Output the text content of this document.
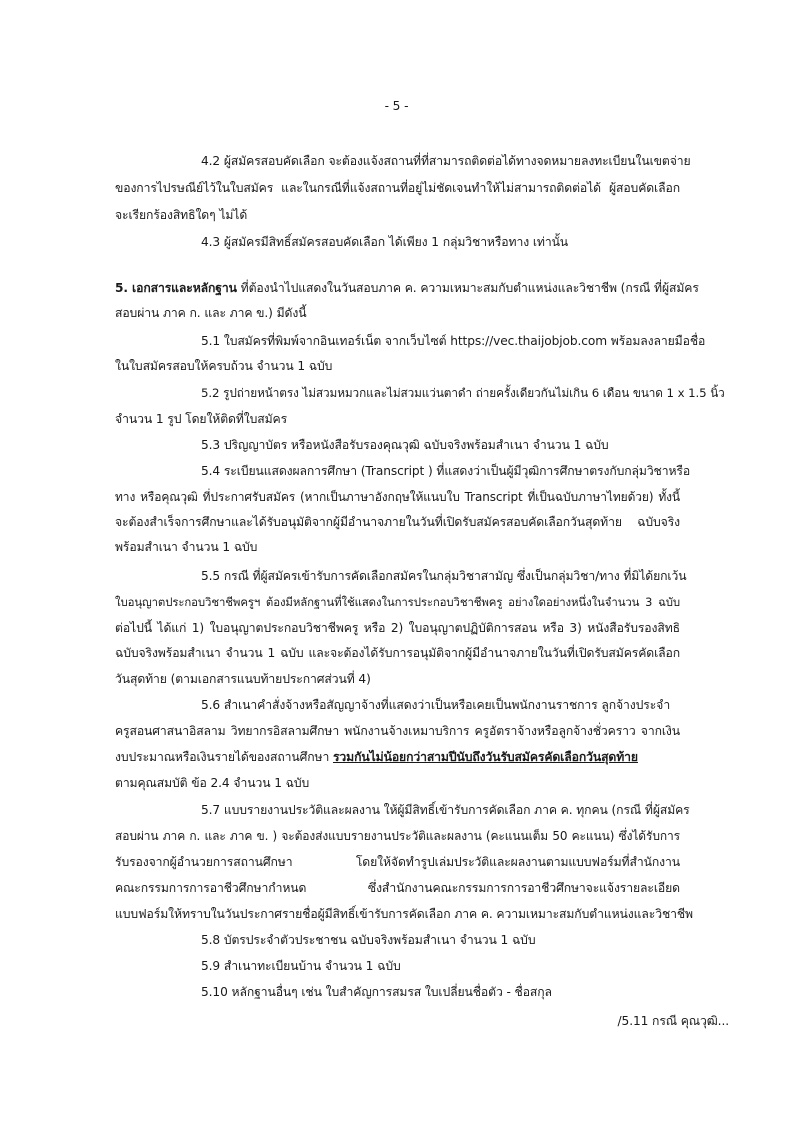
- 5 -
4.2 ผู้สมัครสอบคัดเลือก จะต้องแจ้งสถานที่ที่สามารถติดต่อได้ทางจดหมายลงทะเบียนในเขตจ่าย
ของการไปรษณีย์ไว้ในใบสมัคร และในกรณีที่แจ้งสถานที่อยู่ไม่ชัดเจนทำให้ไม่สามารถติดต่อได้ ผู้สอบคัดเลือก
จะเรียกร้องสิทธิใดๆ ไม่ได้
4.3 ผู้สมัครมีสิทธิ์สมัครสอบคัดเลือก ได้เพียง 1 กลุ่มวิชาหรือทาง เท่านั้น
5. เอกสารและหลักฐาน ที่ต้องนำไปแสดงในวันสอบภาค ค. ความเหมาะสมกับตำแหน่งและวิชาชีพ (กรณี ที่ผู้สมัคร
สอบผ่าน ภาค ก. และ ภาค ข.) มีดังนี้
5.1 ใบสมัครที่พิมพ์จากอินเทอร์เน็ต จากเว็บไซต์ https://vec.thaijobjob.com พร้อมลงลายมือชื่อ
ในใบสมัครสอบให้ครบถ้วน จำนวน 1 ฉบับ
5.2 รูปถ่ายหน้าตรง ไม่สวมหมวกและไม่สวมแว่นตาดำ ถ่ายครั้งเดียวกันไม่เกิน 6 เดือน ขนาด 1 x 1.5 นิ้ว
จำนวน 1 รูป โดยให้ติดที่ใบสมัคร
5.3 ปริญญาบัตร หรือหนังสือรับรองคุณวุฒิ ฉบับจริงพร้อมสำเนา จำนวน 1 ฉบับ
5.4 ระเบียนแสดงผลการศึกษา (Transcript ) ที่แสดงว่าเป็นผู้มีวุฒิการศึกษาตรงกับกลุ่มวิชาหรือ
ทาง หรือคุณวุฒิ ที่ประกาศรับสมัคร (หากเป็นภาษาอังกฤษให้แนบใบ Transcript ที่เป็นฉบับภาษาไทยด้วย) ทั้งนี้
จะต้องสำเร็จการศึกษาและได้รับอนุมัติจากผู้มีอำนาจภายในวันที่เปิดรับสมัครสอบคัดเลือกวันสุดท้าย ฉบับจริง
พร้อมสำเนา จำนวน 1 ฉบับ
5.5 กรณี ที่ผู้สมัครเข้ารับการคัดเลือกสมัครในกลุ่มวิชาสามัญ ซึ่งเป็นกลุ่มวิชา/ทาง ที่มิได้ยกเว้น
ใบอนุญาตประกอบวิชาชีพครูฯ ต้องมีหลักฐานที่ใช้แสดงในการประกอบวิชาชีพครู อย่างใดอย่างหนึ่งในจำนวน 3 ฉบับ
ต่อไปนี้ ได้แก่ 1) ใบอนุญาตประกอบวิชาชีพครู หรือ 2) ใบอนุญาตปฏิบัติการสอน หรือ 3) หนังสือรับรองสิทธิ
ฉบับจริงพร้อมสำเนา จำนวน 1 ฉบับ และจะต้องได้รับการอนุมัติจากผู้มีอำนาจภายในวันที่เปิดรับสมัครคัดเลือก
วันสุดท้าย (ตามเอกสารแนบท้ายประกาศส่วนที่ 4)
5.6 สำเนาคำสั่งจ้างหรือสัญญาจ้างที่แสดงว่าเป็นหรือเคยเป็นพนักงานราชการ ลูกจ้างประจำ
ครูสอนศาสนาอิสลาม วิทยากรอิสลามศึกษา พนักงานจ้างเหมาบริการ ครูอัตราจ้างหรือลูกจ้างชั่วคราว จากเงิน
งบประมาณหรือเงินรายได้ของสถานศึกษา รวมกันไม่น้อยกว่าสามปีนับถึงวันรับสมัครคัดเลือกวันสุดท้าย
ตามคุณสมบัติ ข้อ 2.4 จำนวน 1 ฉบับ
5.7 แบบรายงานประวัติและผลงาน ให้ผู้มีสิทธิ์เข้ารับการคัดเลือก ภาค ค. ทุกคน (กรณี ที่ผู้สมัคร
สอบผ่าน ภาค ก. และ ภาค ข. ) จะต้องส่งแบบรายงานประวัติและผลงาน (คะแนนเต็ม 50 คะแนน) ซึ่งได้รับการ
รับรองจากผู้อำนวยการสถานศึกษา โดยให้จัดทำรูปเล่มประวัติและผลงานตามแบบฟอร์มที่สำนักงาน
คณะกรรมการการอาชีวศึกษากำหนด ซึ่งสำนักงานคณะกรรมการการอาชีวศึกษาจะแจ้งรายละเอียด
แบบฟอร์มให้ทราบในวันประกาศรายชื่อผู้มีสิทธิ์เข้ารับการคัดเลือก ภาค ค. ความเหมาะสมกับตำแหน่งและวิชาชีพ
5.8 บัตรประจำตัวประชาชน ฉบับจริงพร้อมสำเนา จำนวน 1 ฉบับ
5.9 สำเนาทะเบียนบ้าน จำนวน 1 ฉบับ
5.10 หลักฐานอื่นๆ เช่น ใบสำคัญการสมรส ใบเปลี่ยนชื่อตัว - ชื่อสกุล
/5.11 กรณี คุณวุฒิ...
